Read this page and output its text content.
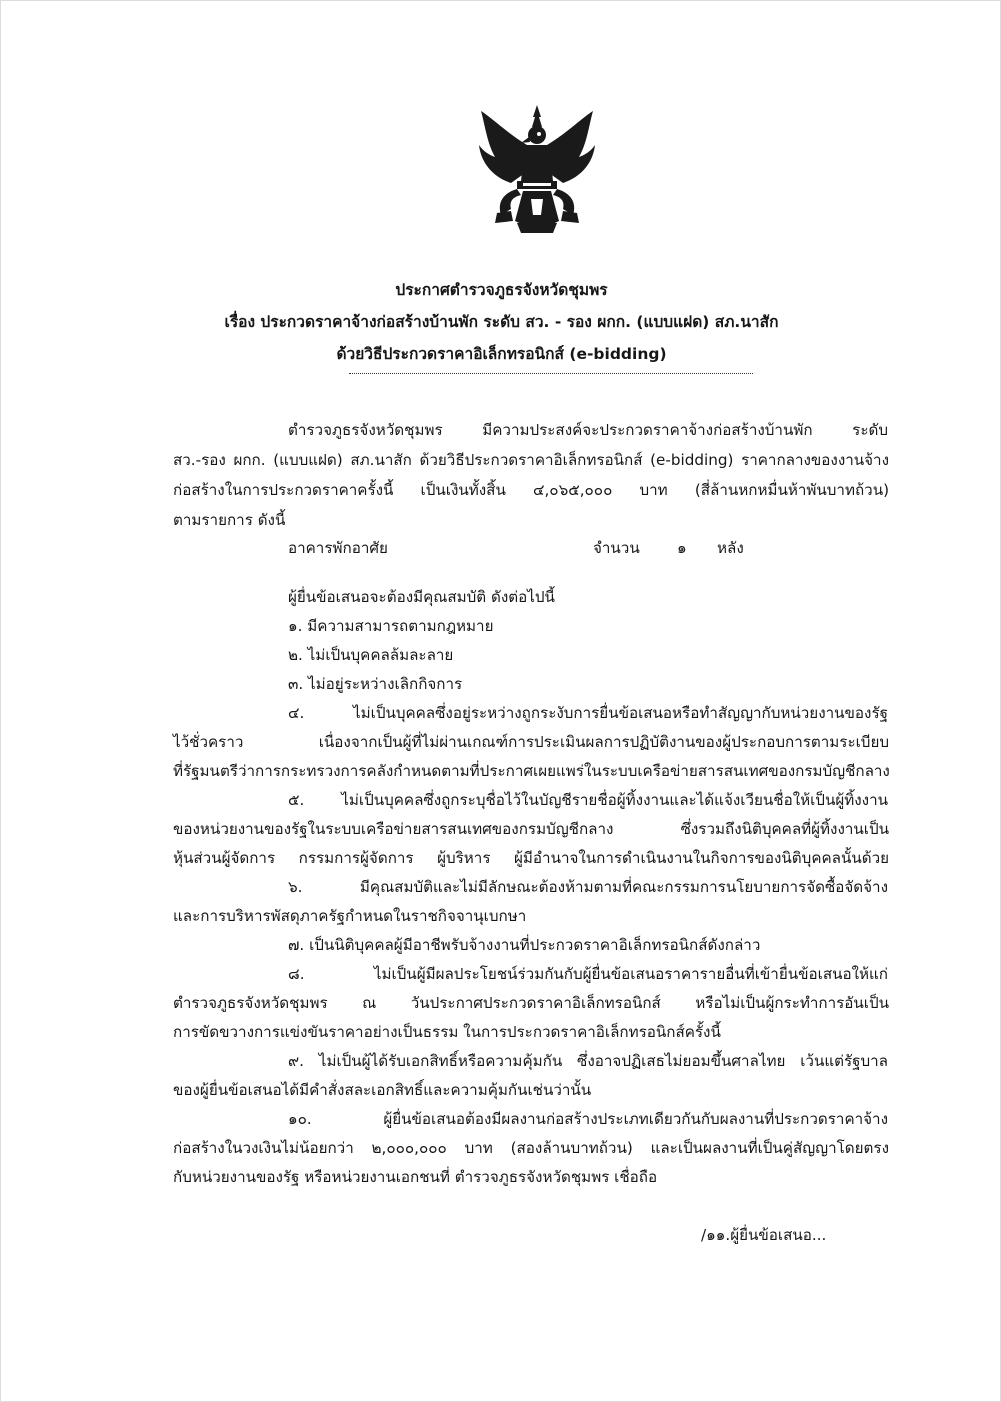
ประกาศตำรวจภูธรจังหวัดชุมพร
เรื่อง ประกวดราคาจ้างก่อสร้างบ้านพัก ระดับ สว. - รอง ผกก. (แบบแฝด) สภ.นาสัก
ด้วยวิธีประกวดราคาอิเล็กทรอนิกส์ (e-bidding)
ตำรวจภูธรจังหวัดชุมพร มีความประสงค์จะประกวดราคาจ้างก่อสร้างบ้านพัก ระดับ
สว.-รอง ผกก. (แบบแฝด) สภ.นาสัก ด้วยวิธีประกวดราคาอิเล็กทรอนิกส์ (e-bidding) ราคากลางของงานจ้าง
ก่อสร้างในการประกวดราคาครั้งนี้ เป็นเงินทั้งสิ้น ๔,๐๖๕,๐๐๐ บาท (สี่ล้านหกหมื่นห้าพันบาทถ้วน)
ตามรายการ ดังนี้
อาคารพักอาศัย	จำนวน ๑ หลัง
ผู้ยื่นข้อเสนอจะต้องมีคุณสมบัติ ดังต่อไปนี้
๑. มีความสามารถตามกฎหมาย
๒. ไม่เป็นบุคคลล้มละลาย
๓. ไม่อยู่ระหว่างเลิกกิจการ
๔. ไม่เป็นบุคคลซึ่งอยู่ระหว่างถูกระงับการยื่นข้อเสนอหรือทำสัญญากับหน่วยงานของรัฐ
ไว้ชั่วคราว เนื่องจากเป็นผู้ที่ไม่ผ่านเกณฑ์การประเมินผลการปฏิบัติงานของผู้ประกอบการตามระเบียบ
ที่รัฐมนตรีว่าการกระทรวงการคลังกำหนดตามที่ประกาศเผยแพร่ในระบบเครือข่ายสารสนเทศของกรมบัญชีกลาง
๕. ไม่เป็นบุคคลซึ่งถูกระบุชื่อไว้ในบัญชีรายชื่อผู้ทิ้งงานและได้แจ้งเวียนชื่อให้เป็นผู้ทิ้งงาน
ของหน่วยงานของรัฐในระบบเครือข่ายสารสนเทศของกรมบัญชีกลาง ซึ่งรวมถึงนิติบุคคลที่ผู้ทิ้งงานเป็น
หุ้นส่วนผู้จัดการ กรรมการผู้จัดการ ผู้บริหาร ผู้มีอำนาจในการดำเนินงานในกิจการของนิติบุคคลนั้นด้วย
๖. มีคุณสมบัติและไม่มีลักษณะต้องห้ามตามที่คณะกรรมการนโยบายการจัดซื้อจัดจ้าง
และการบริหารพัสดุภาครัฐกำหนดในราชกิจจานุเบกษา
๗. เป็นนิติบุคคลผู้มีอาชีพรับจ้างงานที่ประกวดราคาอิเล็กทรอนิกส์ดังกล่าว
๘. ไม่เป็นผู้มีผลประโยชน์ร่วมกันกับผู้ยื่นข้อเสนอราคารายอื่นที่เข้ายื่นข้อเสนอให้แก่
ตำรวจภูธรจังหวัดชุมพร ณ วันประกาศประกวดราคาอิเล็กทรอนิกส์ หรือไม่เป็นผู้กระทำการอันเป็น
การขัดขวางการแข่งขันราคาอย่างเป็นธรรม ในการประกวดราคาอิเล็กทรอนิกส์ครั้งนี้
๙. ไม่เป็นผู้ได้รับเอกสิทธิ์หรือความคุ้มกัน ซึ่งอาจปฏิเสธไม่ยอมขึ้นศาลไทย เว้นแต่รัฐบาล
ของผู้ยื่นข้อเสนอได้มีคำสั่งสละเอกสิทธิ์และความคุ้มกันเช่นว่านั้น
๑๐. ผู้ยื่นข้อเสนอต้องมีผลงานก่อสร้างประเภทเดียวกันกับผลงานที่ประกวดราคาจ้าง
ก่อสร้างในวงเงินไม่น้อยกว่า ๒,๐๐๐,๐๐๐ บาท (สองล้านบาทถ้วน) และเป็นผลงานที่เป็นคู่สัญญาโดยตรง
กับหน่วยงานของรัฐ หรือหน่วยงานเอกชนที่ ตำรวจภูธรจังหวัดชุมพร เชื่อถือ
/๑๑.ผู้ยื่นข้อเสนอ...
